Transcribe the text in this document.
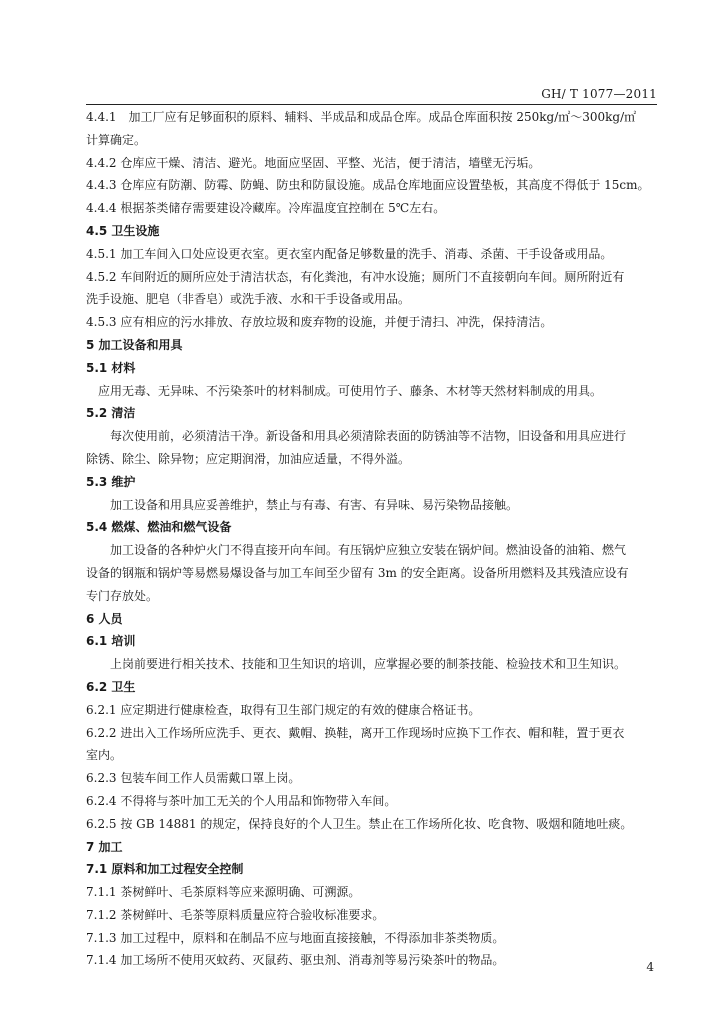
GH/ T 1077—2011
4.4.1　加工厂应有足够面积的原料、辅料、半成品和成品仓库。成品仓库面积按 250kg/㎡～300kg/㎡
计算确定。
4.4.2 仓库应干燥、清洁、避光。地面应坚固、平整、光洁，便于清洁，墙壁无污垢。
4.4.3 仓库应有防潮、防霉、防蝇、防虫和防鼠设施。成品仓库地面应设置垫板，其高度不得低于 15cm。
4.4.4 根据茶类储存需要建设冷藏库。冷库温度宜控制在 5℃左右。
4.5 卫生设施
4.5.1 加工车间入口处应设更衣室。更衣室内配备足够数量的洗手、消毒、杀菌、干手设备或用品。
4.5.2 车间附近的厕所应处于清洁状态，有化粪池，有冲水设施；厕所门不直接朝向车间。厕所附近有
洗手设施、肥皂（非香皂）或洗手液、水和干手设备或用品。
4.5.3 应有相应的污水排放、存放垃圾和废弃物的设施，并便于清扫、冲洗，保持清洁。
5 加工设备和用具
5.1 材料
应用无毒、无异味、不污染茶叶的材料制成。可使用竹子、藤条、木材等天然材料制成的用具。
5.2 清洁
每次使用前，必须清洁干净。新设备和用具必须清除表面的防锈油等不洁物，旧设备和用具应进行
除锈、除尘、除异物；应定期润滑，加油应适量，不得外溢。
5.3 维护
加工设备和用具应妥善维护，禁止与有毒、有害、有异味、易污染物品接触。
5.4 燃煤、燃油和燃气设备
加工设备的各种炉火门不得直接开向车间。有压锅炉应独立安装在锅炉间。燃油设备的油箱、燃气
设备的钢瓶和锅炉等易燃易爆设备与加工车间至少留有 3m 的安全距离。设备所用燃料及其残渣应设有
专门存放处。
6 人员
6.1 培训
上岗前要进行相关技术、技能和卫生知识的培训，应掌握必要的制茶技能、检验技术和卫生知识。
6.2 卫生
6.2.1 应定期进行健康检查，取得有卫生部门规定的有效的健康合格证书。
6.2.2 进出入工作场所应洗手、更衣、戴帽、换鞋，离开工作现场时应换下工作衣、帽和鞋，置于更衣
室内。
6.2.3 包装车间工作人员需戴口罩上岗。
6.2.4 不得将与茶叶加工无关的个人用品和饰物带入车间。
6.2.5 按 GB 14881 的规定，保持良好的个人卫生。禁止在工作场所化妆、吃食物、吸烟和随地吐痰。
7 加工
7.1 原料和加工过程安全控制
7.1.1 茶树鲜叶、毛茶原料等应来源明确、可溯源。
7.1.2 茶树鲜叶、毛茶等原料质量应符合验收标准要求。
7.1.3 加工过程中，原料和在制品不应与地面直接接触，不得添加非茶类物质。
7.1.4 加工场所不使用灭蚊药、灭鼠药、驱虫剂、消毒剂等易污染茶叶的物品。	4
